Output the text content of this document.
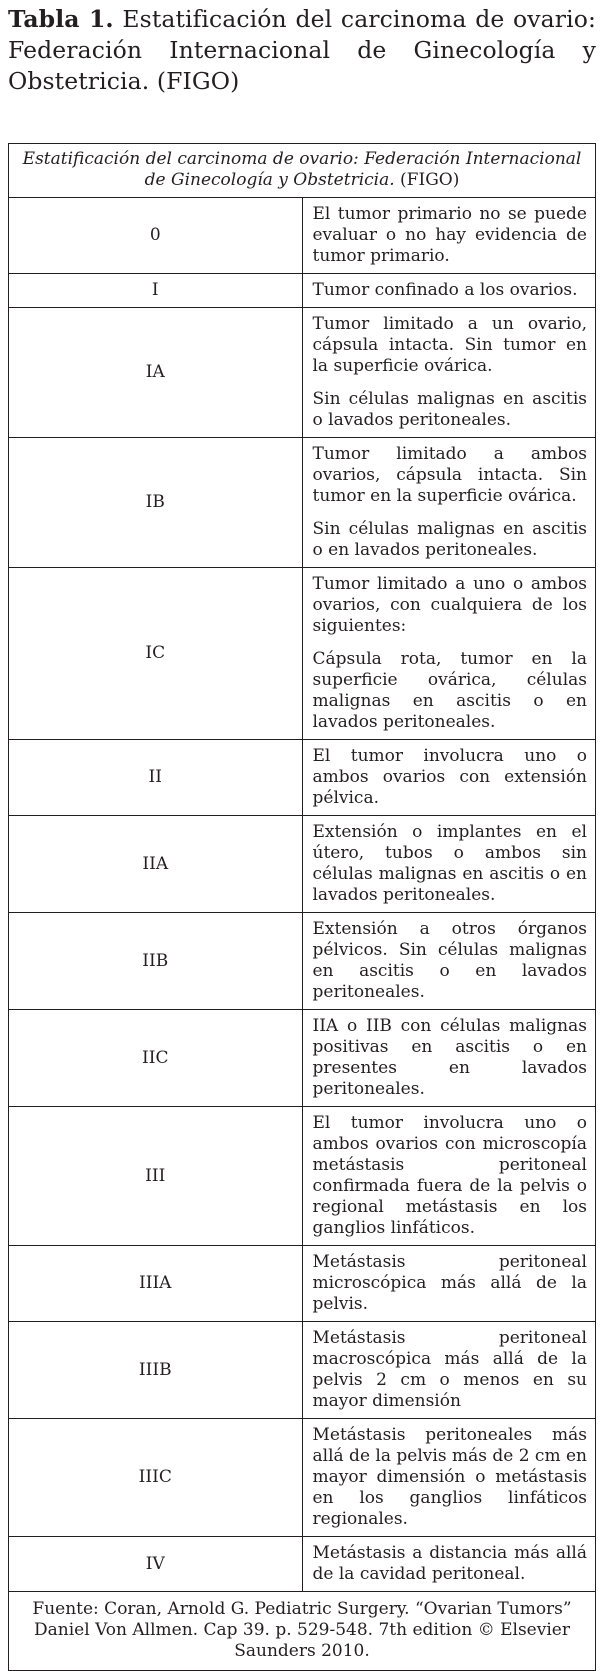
Tabla 1. Estatificación del carcinoma de ovario: Federación Internacional de Ginecología y Obstetricia. (FIGO)
Estatificación del carcinoma de ovario: Federación Internacional de Ginecología y Obstetricia. (FIGO)	
0	El tumor primario no se puede evaluar o no hay evidencia de tumor primario.

I	Tumor confinado a los ovarios.

IA	Tumor limitado a un ovario, cápsula intacta. Sin tumor en la superficie ovárica.

Sin células malignas en ascitis o lavados peritoneales.

IB	Tumor limitado a ambos ovarios, cápsula intacta. Sin tumor en la superficie ovárica.

Sin células malignas en ascitis o en lavados peritoneales.

IC	Tumor limitado a uno o ambos ovarios, con cualquiera de los siguientes:

Cápsula rota, tumor en la superficie ovárica, células malignas en ascitis o en lavados peritoneales.

II	El tumor involucra uno o ambos ovarios con extensión pélvica.

IIA	Extensión o implantes en el útero, tubos o ambos sin células malignas en ascitis o en lavados peritoneales.

IIB	Extensión a otros órganos pélvicos. Sin células malignas en ascitis o en lavados peritoneales.

IIC	IIA o IIB con células malignas positivas en ascitis o en presentes en lavados peritoneales.

III	El tumor involucra uno o ambos ovarios con microscopía metástasis peritoneal confirmada fuera de la pelvis o regional metástasis en los ganglios linfáticos.

IIIA	Metástasis peritoneal microscópica más allá de la pelvis.

IIIB	Metástasis peritoneal macroscópica más allá de la pelvis 2 cm o menos en su mayor dimensión

IIIC	Metástasis peritoneales más allá de la pelvis más de 2 cm en mayor dimensión o metástasis en los ganglios linfáticos regionales.

IV	Metástasis a distancia más allá de la cavidad peritoneal.

Fuente: Coran, Arnold G. Pediatric Surgery. “Ovarian Tumors” Daniel Von Allmen. Cap 39. p. 529-548. 7th edition © Elsevier Saunders 2010.	
